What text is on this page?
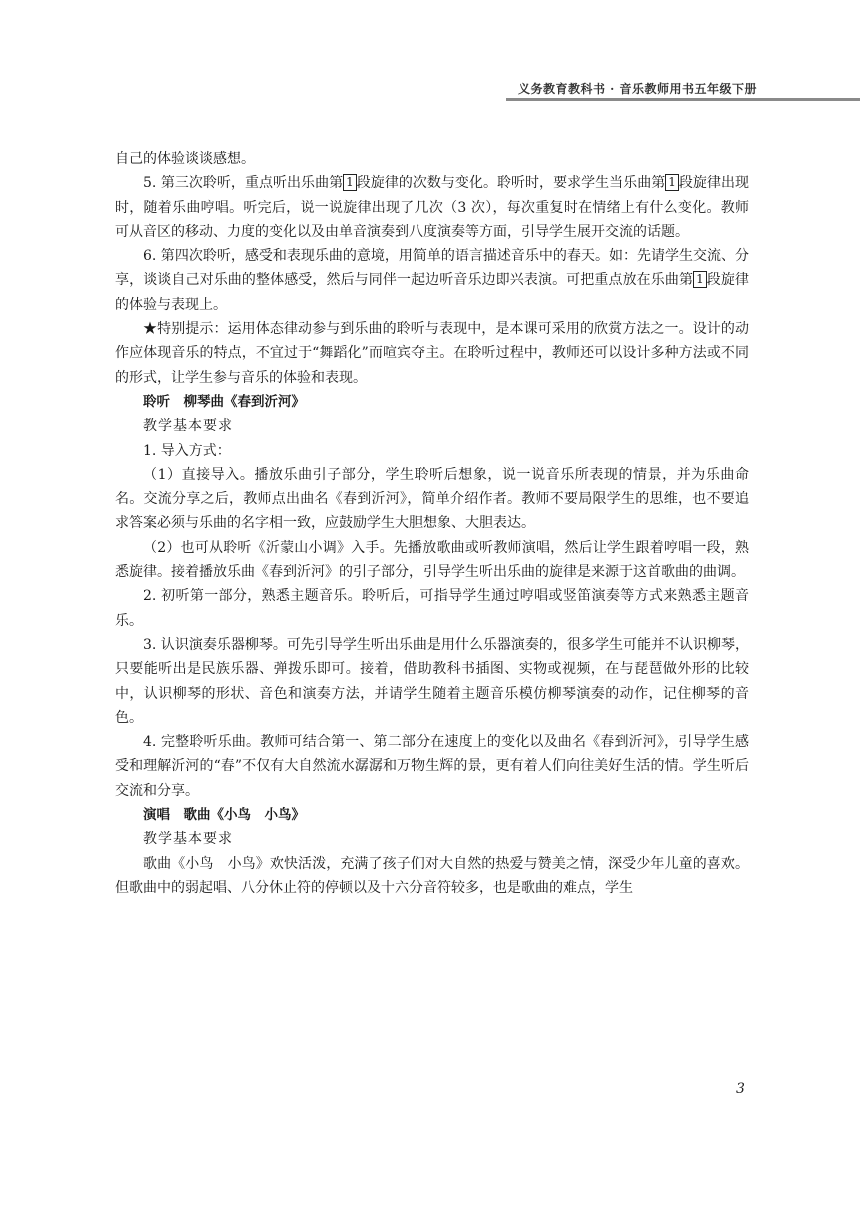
义务教育教科书 · 音乐教师用书五年级下册

自己的体验谈谈感想。

5. 第三次聆听，重点听出乐曲第 1 段旋律的次数与变化。聆听时，要求学生当乐曲第 1 段旋律出现时，随着乐曲哼唱。听完后，说一说旋律出现了几次（3 次），每次重复时在情绪上有什么变化。教师可从音区的移动、力度的变化以及由单音演奏到八度演奏等方面，引导学生展开交流的话题。

6. 第四次聆听，感受和表现乐曲的意境，用简单的语言描述音乐中的春天。如：先请学生交流、分享，谈谈自己对乐曲的整体感受，然后与同伴一起边听音乐边即兴表演。可把重点放在乐曲第 1 段旋律的体验与表现上。

★特别提示：运用体态律动参与到乐曲的聆听与表现中，是本课可采用的欣赏方法之一。设计的动作应体现音乐的特点，不宜过于“舞蹈化”而喧宾夺主。在聆听过程中，教师还可以设计多种方法或不同的形式，让学生参与音乐的体验和表现。

聆听　柳琴曲《春到沂河》

教学基本要求

1. 导入方式：

（1）直接导入。播放乐曲引子部分，学生聆听后想象，说一说音乐所表现的情景，并为乐曲命名。交流分享之后，教师点出曲名《春到沂河》，简单介绍作者。教师不要局限学生的思维，也不要追求答案必须与乐曲的名字相一致，应鼓励学生大胆想象、大胆表达。

（2）也可从聆听《沂蒙山小调》入手。先播放歌曲或听教师演唱，然后让学生跟着哼唱一段，熟悉旋律。接着播放乐曲《春到沂河》的引子部分，引导学生听出乐曲的旋律是来源于这首歌曲的曲调。

2. 初听第一部分，熟悉主题音乐。聆听后，可指导学生通过哼唱或竖笛演奏等方式来熟悉主题音乐。

3. 认识演奏乐器柳琴。可先引导学生听出乐曲是用什么乐器演奏的，很多学生可能并不认识柳琴，只要能听出是民族乐器、弹拨乐即可。接着，借助教科书插图、实物或视频，在与琵琶做外形的比较中，认识柳琴的形状、音色和演奏方法，并请学生随着主题音乐模仿柳琴演奏的动作，记住柳琴的音色。

4. 完整聆听乐曲。教师可结合第一、第二部分在速度上的变化以及曲名《春到沂河》，引导学生感受和理解沂河的“春”不仅有大自然流水潺潺和万物生辉的景，更有着人们向往美好生活的情。学生听后交流和分享。

演唱　歌曲《小鸟　小鸟》

教学基本要求

歌曲《小鸟　小鸟》欢快活泼，充满了孩子们对大自然的热爱与赞美之情，深受少年儿童的喜欢。但歌曲中的弱起唱、八分休止符的停顿以及十六分音符较多，也是歌曲的难点，学生

3
